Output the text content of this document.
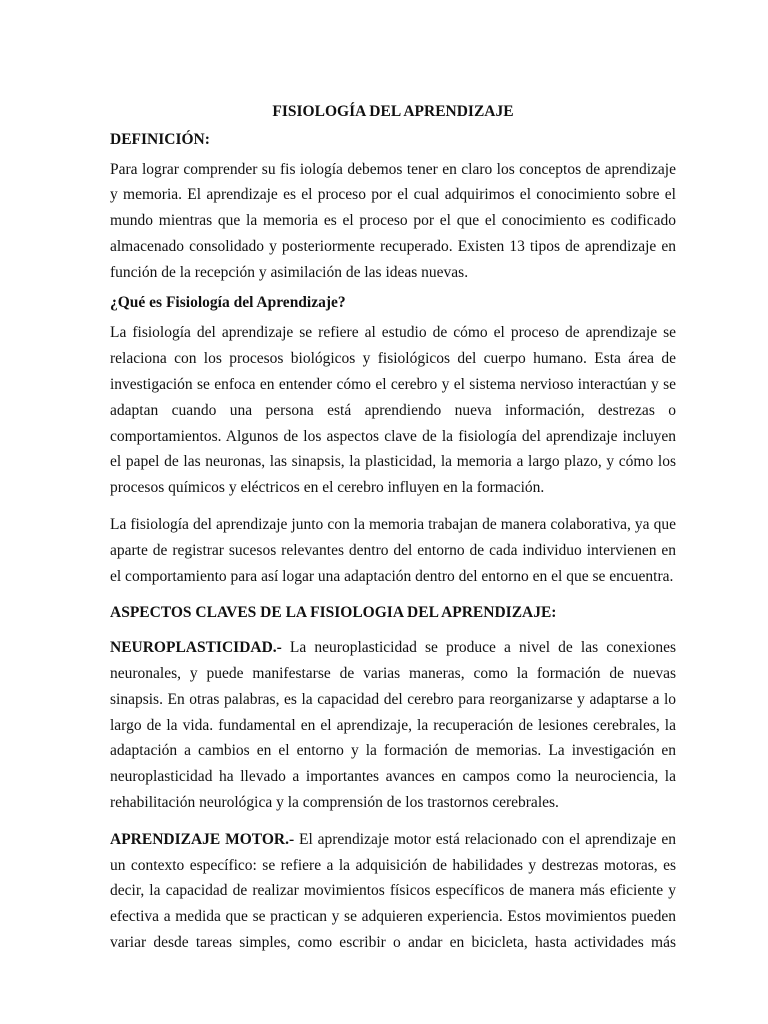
FISIOLOGÍA DEL APRENDIZAJE
DEFINICIÓN:

Para lograr comprender su fis iología debemos tener en claro los conceptos de aprendizaje y memoria. El aprendizaje es el proceso por el cual adquirimos el conocimiento sobre el mundo mientras que la memoria es el proceso por el que el conocimiento es codificado almacenado consolidado y posteriormente recuperado. Existen 13 tipos de aprendizaje en función de la recepción y asimilación de las ideas nuevas.

¿Qué es Fisiología del Aprendizaje?

La fisiología del aprendizaje se refiere al estudio de cómo el proceso de aprendizaje se relaciona con los procesos biológicos y fisiológicos del cuerpo humano. Esta área de investigación se enfoca en entender cómo el cerebro y el sistema nervioso interactúan y se adaptan cuando una persona está aprendiendo nueva información, destrezas o comportamientos. Algunos de los aspectos clave de la fisiología del aprendizaje incluyen el papel de las neuronas, las sinapsis, la plasticidad, la memoria a largo plazo, y cómo los procesos químicos y eléctricos en el cerebro influyen en la formación.

La fisiología del aprendizaje junto con la memoria trabajan de manera colaborativa, ya que aparte de registrar sucesos relevantes dentro del entorno de cada individuo intervienen en el comportamiento para así logar una adaptación dentro del entorno en el que se encuentra.

ASPECTOS CLAVES DE LA FISIOLOGIA DEL APRENDIZAJE:

NEUROPLASTICIDAD.- La neuroplasticidad se produce a nivel de las conexiones neuronales, y puede manifestarse de varias maneras, como la formación de nuevas sinapsis. En otras palabras, es la capacidad del cerebro para reorganizarse y adaptarse a lo largo de la vida. fundamental en el aprendizaje, la recuperación de lesiones cerebrales, la adaptación a cambios en el entorno y la formación de memorias. La investigación en neuroplasticidad ha llevado a importantes avances en campos como la neurociencia, la rehabilitación neurológica y la comprensión de los trastornos cerebrales.

APRENDIZAJE MOTOR.- El aprendizaje motor está relacionado con el aprendizaje en un contexto específico: se refiere a la adquisición de habilidades y destrezas motoras, es decir, la capacidad de realizar movimientos físicos específicos de manera más eficiente y efectiva a medida que se practican y se adquieren experiencia. Estos movimientos pueden variar desde tareas simples, como escribir o andar en bicicleta, hasta actividades más
